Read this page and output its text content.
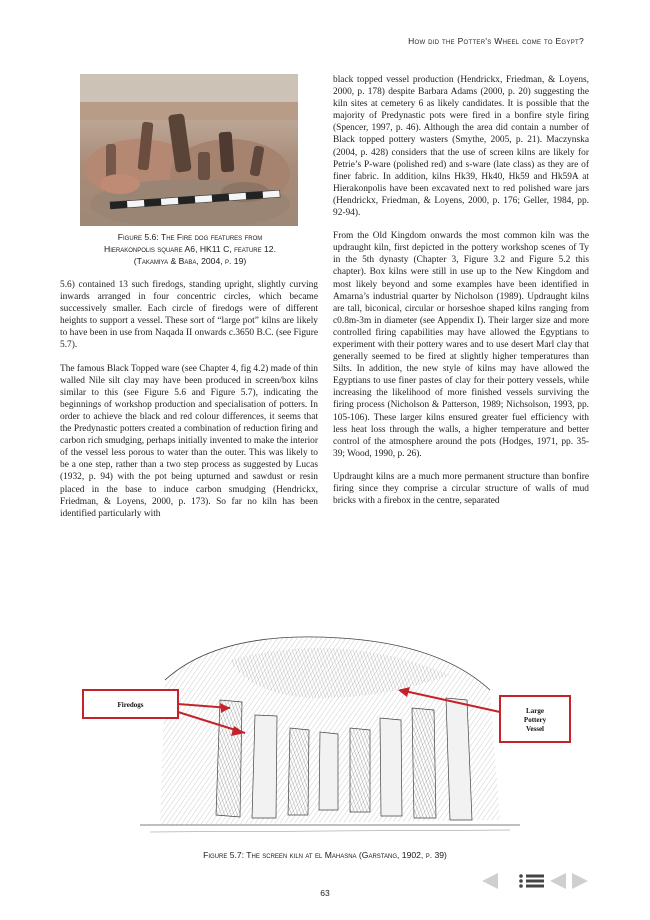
How did the Potter's Wheel come to Egypt?
Figure 5.6: The Fire dog features from
Hierakonpolis square A6, HK11 C, feature 12.
(Takamiya & Baba, 2004, p. 19)

5.6) contained 13 such firedogs, standing upright, slightly curving inwards arranged in four concentric circles, which became successively smaller. Each circle of firedogs were of different heights to support a vessel. These sort of “large pot” kilns are likely to have been in use from Naqada II onwards c.3650 B.C. (see Figure 5.7).

The famous Black Topped ware (see Chapter 4, fig 4.2) made of thin walled Nile silt clay may have been produced in screen/box kilns similar to this (see Figure 5.6 and Figure 5.7), indicating the beginnings of workshop production and specialisation of potters. In order to achieve the black and red colour differences, it seems that the Predynastic potters created a combination of reduction firing and carbon rich smudging, perhaps initially invented to make the interior of the vessel less porous to water than the outer. This was likely to be a one step, rather than a two step process as suggested by Lucas (1932, p. 94) with the pot being upturned and sawdust or resin placed in the base to induce carbon smudging (Hendrickx, Friedman, & Loyens, 2000, p. 173). So far no kiln has been identified particularly with

black topped vessel production (Hendrickx, Friedman, & Loyens, 2000, p. 178) despite Barbara Adams (2000, p. 20) suggesting the kiln sites at cemetery 6 as likely candidates. It is possible that the majority of Predynastic pots were fired in a bonfire style firing (Spencer, 1997, p. 46). Although the area did contain a number of Black topped pottery wasters (Smythe, 2005, p. 21). Maczynska (2004, p. 428) considers that the use of screen kilns are likely for Petrie’s P-ware (polished red) and s-ware (late class) as they are of finer fabric. In addition, kilns Hk39, Hk40, Hk59 and Hk59A at Hierakonpolis have been excavated next to red polished ware jars (Hendrickx, Friedman, & Loyens, 2000, p. 176; Geller, 1984, pp. 92-94).

From the Old Kingdom onwards the most common kiln was the updraught kiln, first depicted in the pottery workshop scenes of Ty in the 5th dynasty (Chapter 3, Figure 3.2 and Figure 5.2 this chapter). Box kilns were still in use up to the New Kingdom and most likely beyond and some examples have been identified in Amarna’s industrial quarter by Nicholson (1989). Updraught kilns are tall, biconical, circular or horseshoe shaped kilns ranging from c0.8m-3m in diameter (see Appendix I). Their larger size and more controlled firing capabilities may have allowed the Egyptians to experiment with their pottery wares and to use desert Marl clay that generally seemed to be fired at slightly higher temperatures than Silts. In addition, the new style of kilns may have allowed the Egyptians to use finer pastes of clay for their pottery vessels, while increasing the likelihood of more finished vessels surviving the firing process (Nicholson & Patterson, 1989; Nichsolson, 1993, pp. 105-106). These larger kilns ensured greater fuel efficiency with less heat loss through the walls, a higher temperature and better control of the atmosphere around the pots (Hodges, 1971, pp. 35-39; Wood, 1990, p. 26).

Updraught kilns are a much more permanent structure than bonfire firing since they comprise a circular structure of walls of mud bricks with a firebox in the centre, separated

Firedogs
Large
Pottery
Vessel
Figure 5.7: The screen kiln at el Mahasna (Garstang, 1902, p. 39)
63
